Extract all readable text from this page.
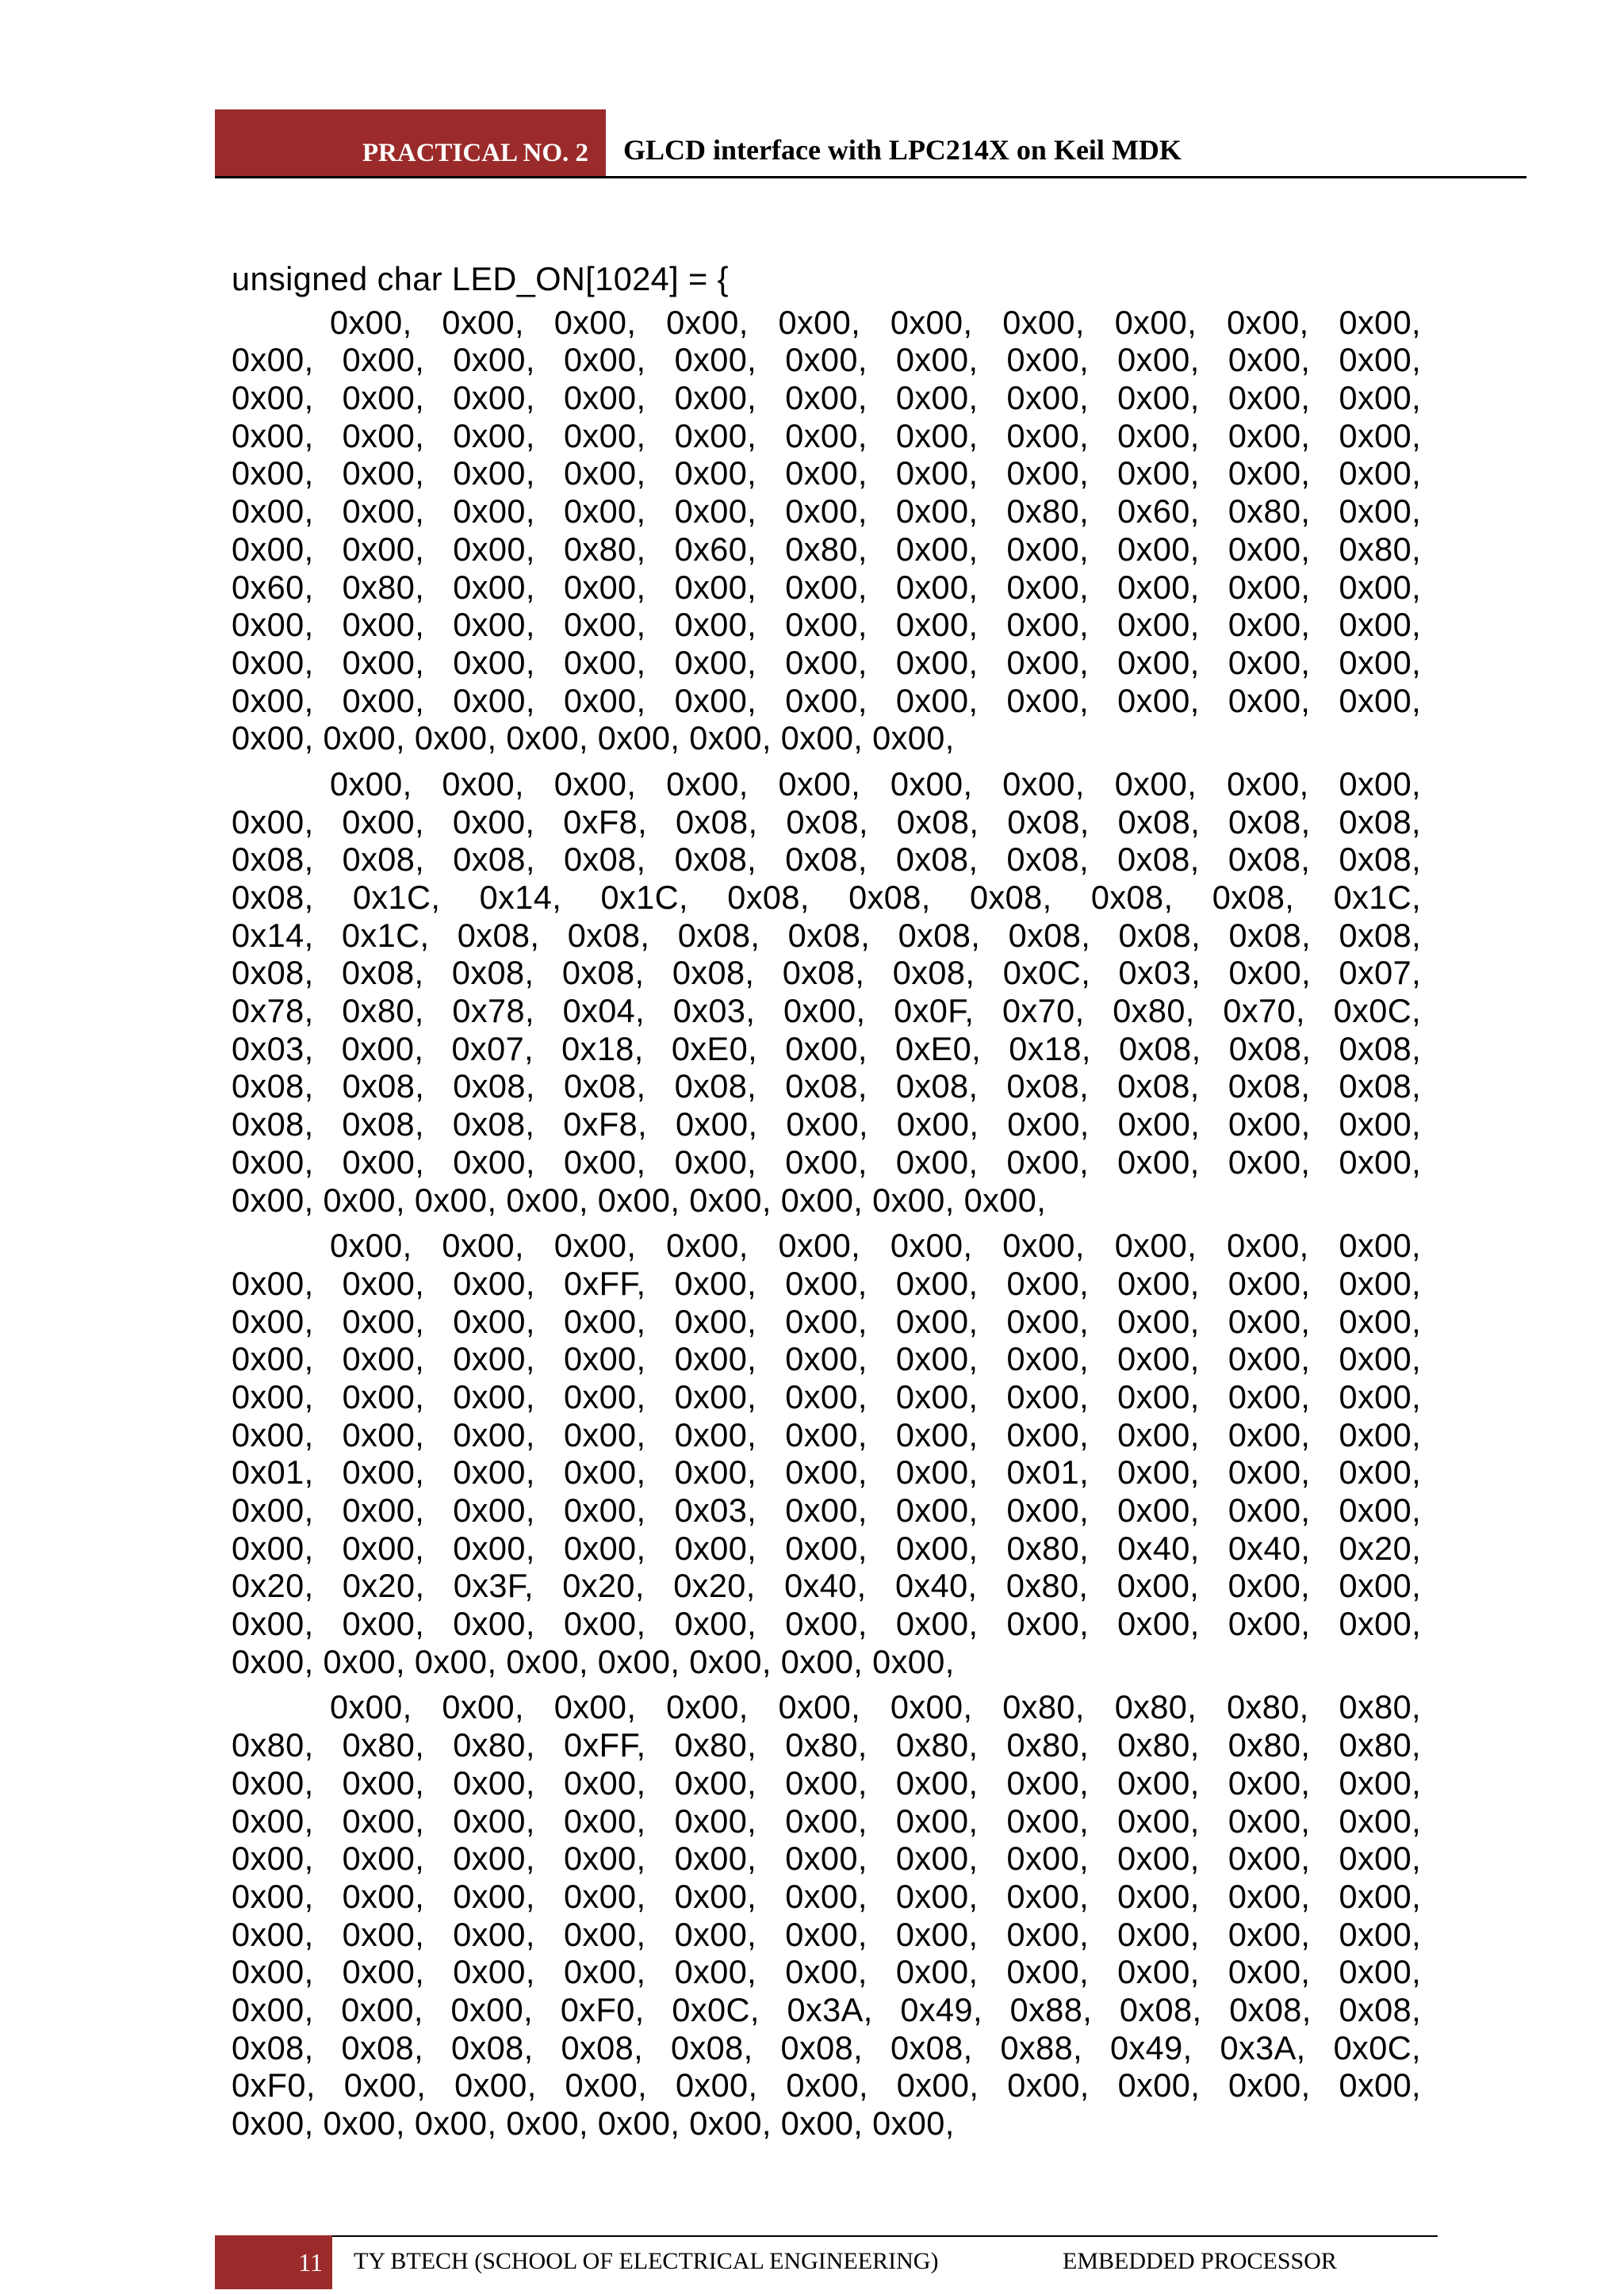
PRACTICAL NO. 2	GLCD interface with LPC214X on Keil MDK
unsigned char LED_ON[1024] = {
0x00, 0x00, 0x00, 0x00, 0x00, 0x00, 0x00, 0x00, 0x00, 0x00,
0x00, 0x00, 0x00, 0x00, 0x00, 0x00, 0x00, 0x00, 0x00, 0x00, 0x00,
0x00, 0x00, 0x00, 0x00, 0x00, 0x00, 0x00, 0x00, 0x00, 0x00, 0x00,
0x00, 0x00, 0x00, 0x00, 0x00, 0x00, 0x00, 0x00, 0x00, 0x00, 0x00,
0x00, 0x00, 0x00, 0x00, 0x00, 0x00, 0x00, 0x00, 0x00, 0x00, 0x00,
0x00, 0x00, 0x00, 0x00, 0x00, 0x00, 0x00, 0x80, 0x60, 0x80, 0x00,
0x00, 0x00, 0x00, 0x80, 0x60, 0x80, 0x00, 0x00, 0x00, 0x00, 0x80,
0x60, 0x80, 0x00, 0x00, 0x00, 0x00, 0x00, 0x00, 0x00, 0x00, 0x00,
0x00, 0x00, 0x00, 0x00, 0x00, 0x00, 0x00, 0x00, 0x00, 0x00, 0x00,
0x00, 0x00, 0x00, 0x00, 0x00, 0x00, 0x00, 0x00, 0x00, 0x00, 0x00,
0x00, 0x00, 0x00, 0x00, 0x00, 0x00, 0x00, 0x00, 0x00, 0x00, 0x00,
0x00, 0x00, 0x00, 0x00, 0x00, 0x00, 0x00, 0x00,
0x00, 0x00, 0x00, 0x00, 0x00, 0x00, 0x00, 0x00, 0x00, 0x00,
0x00, 0x00, 0x00, 0xF8, 0x08, 0x08, 0x08, 0x08, 0x08, 0x08, 0x08,
0x08, 0x08, 0x08, 0x08, 0x08, 0x08, 0x08, 0x08, 0x08, 0x08, 0x08,
0x08, 0x1C, 0x14, 0x1C, 0x08, 0x08, 0x08, 0x08, 0x08, 0x1C,
0x14, 0x1C, 0x08, 0x08, 0x08, 0x08, 0x08, 0x08, 0x08, 0x08, 0x08,
0x08, 0x08, 0x08, 0x08, 0x08, 0x08, 0x08, 0x0C, 0x03, 0x00, 0x07,
0x78, 0x80, 0x78, 0x04, 0x03, 0x00, 0x0F, 0x70, 0x80, 0x70, 0x0C,
0x03, 0x00, 0x07, 0x18, 0xE0, 0x00, 0xE0, 0x18, 0x08, 0x08, 0x08,
0x08, 0x08, 0x08, 0x08, 0x08, 0x08, 0x08, 0x08, 0x08, 0x08, 0x08,
0x08, 0x08, 0x08, 0xF8, 0x00, 0x00, 0x00, 0x00, 0x00, 0x00, 0x00,
0x00, 0x00, 0x00, 0x00, 0x00, 0x00, 0x00, 0x00, 0x00, 0x00, 0x00,
0x00, 0x00, 0x00, 0x00, 0x00, 0x00, 0x00, 0x00, 0x00,
0x00, 0x00, 0x00, 0x00, 0x00, 0x00, 0x00, 0x00, 0x00, 0x00,
0x00, 0x00, 0x00, 0xFF, 0x00, 0x00, 0x00, 0x00, 0x00, 0x00, 0x00,
0x00, 0x00, 0x00, 0x00, 0x00, 0x00, 0x00, 0x00, 0x00, 0x00, 0x00,
0x00, 0x00, 0x00, 0x00, 0x00, 0x00, 0x00, 0x00, 0x00, 0x00, 0x00,
0x00, 0x00, 0x00, 0x00, 0x00, 0x00, 0x00, 0x00, 0x00, 0x00, 0x00,
0x00, 0x00, 0x00, 0x00, 0x00, 0x00, 0x00, 0x00, 0x00, 0x00, 0x00,
0x01, 0x00, 0x00, 0x00, 0x00, 0x00, 0x00, 0x01, 0x00, 0x00, 0x00,
0x00, 0x00, 0x00, 0x00, 0x03, 0x00, 0x00, 0x00, 0x00, 0x00, 0x00,
0x00, 0x00, 0x00, 0x00, 0x00, 0x00, 0x00, 0x80, 0x40, 0x40, 0x20,
0x20, 0x20, 0x3F, 0x20, 0x20, 0x40, 0x40, 0x80, 0x00, 0x00, 0x00,
0x00, 0x00, 0x00, 0x00, 0x00, 0x00, 0x00, 0x00, 0x00, 0x00, 0x00,
0x00, 0x00, 0x00, 0x00, 0x00, 0x00, 0x00, 0x00,
0x00, 0x00, 0x00, 0x00, 0x00, 0x00, 0x80, 0x80, 0x80, 0x80,
0x80, 0x80, 0x80, 0xFF, 0x80, 0x80, 0x80, 0x80, 0x80, 0x80, 0x80,
0x00, 0x00, 0x00, 0x00, 0x00, 0x00, 0x00, 0x00, 0x00, 0x00, 0x00,
0x00, 0x00, 0x00, 0x00, 0x00, 0x00, 0x00, 0x00, 0x00, 0x00, 0x00,
0x00, 0x00, 0x00, 0x00, 0x00, 0x00, 0x00, 0x00, 0x00, 0x00, 0x00,
0x00, 0x00, 0x00, 0x00, 0x00, 0x00, 0x00, 0x00, 0x00, 0x00, 0x00,
0x00, 0x00, 0x00, 0x00, 0x00, 0x00, 0x00, 0x00, 0x00, 0x00, 0x00,
0x00, 0x00, 0x00, 0x00, 0x00, 0x00, 0x00, 0x00, 0x00, 0x00, 0x00,
0x00, 0x00, 0x00, 0xF0, 0x0C, 0x3A, 0x49, 0x88, 0x08, 0x08, 0x08,
0x08, 0x08, 0x08, 0x08, 0x08, 0x08, 0x08, 0x88, 0x49, 0x3A, 0x0C,
0xF0, 0x00, 0x00, 0x00, 0x00, 0x00, 0x00, 0x00, 0x00, 0x00, 0x00,
0x00, 0x00, 0x00, 0x00, 0x00, 0x00, 0x00, 0x00,
11 TY BTECH (SCHOOL OF ELECTRICAL ENGINEERING)	EMBEDDED PROCESSOR
